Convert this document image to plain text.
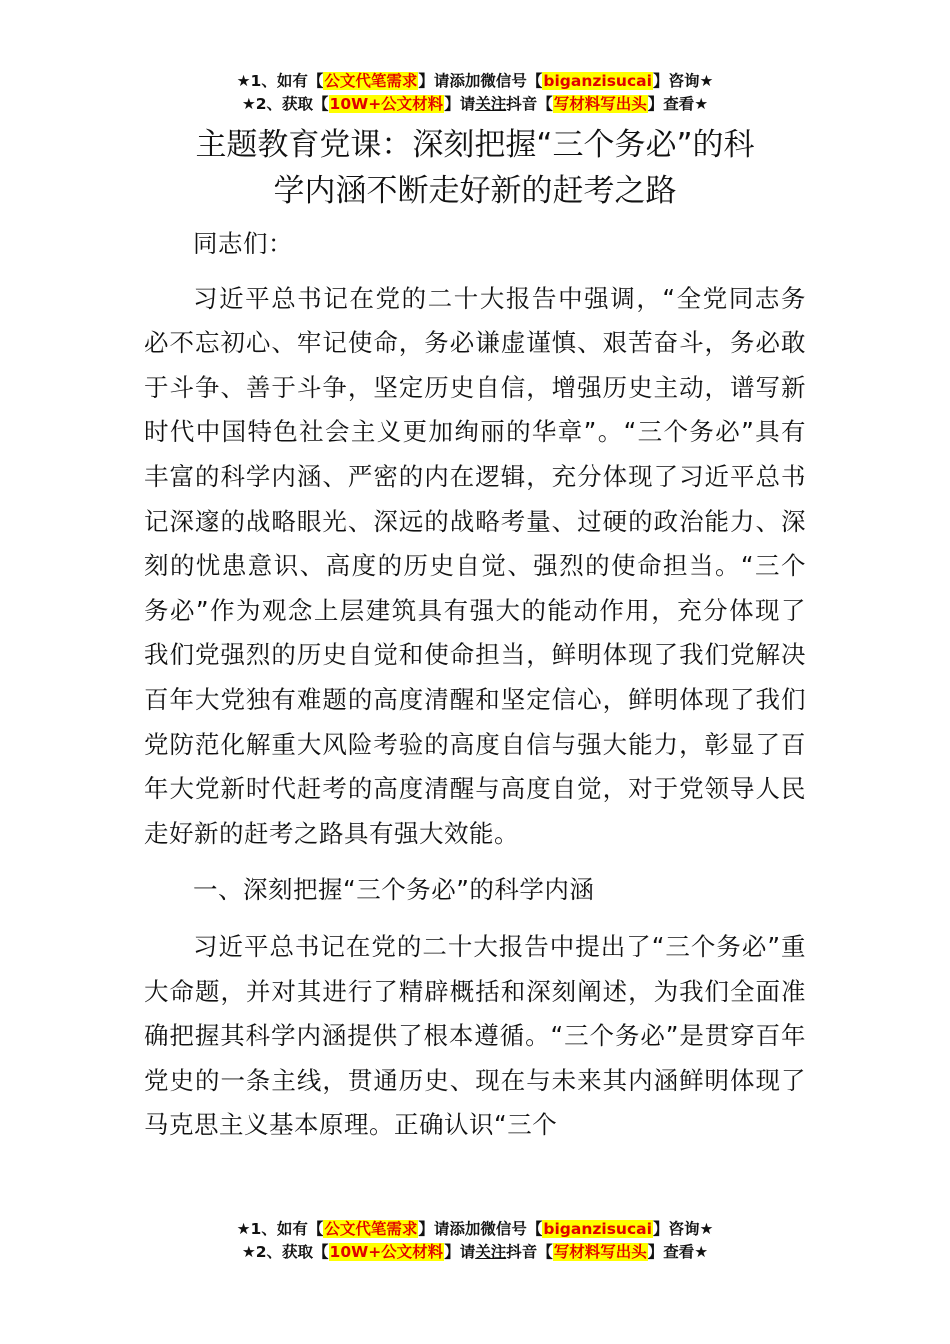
★1、如有【公文代笔需求】请添加微信号【biganzisucai】咨询★
★2、获取【10W+公文材料】请关注抖音【写材料写出头】查看★
主题教育党课：深刻把握“三个务必”的科
学内涵不断走好新的赶考之路

同志们：

习近平总书记在党的二十大报告中强调，“全党同志务必不忘初心、牢记使命，务必谦虚谨慎、艰苦奋斗，务必敢于斗争、善于斗争，坚定历史自信，增强历史主动，谱写新时代中国特色社会主义更加绚丽的华章”。“三个务必”具有丰富的科学内涵、严密的内在逻辑，充分体现了习近平总书记深邃的战略眼光、深远的战略考量、过硬的政治能力、深刻的忧患意识、高度的历史自觉、强烈的使命担当。“三个务必”作为观念上层建筑具有强大的能动作用，充分体现了我们党强烈的历史自觉和使命担当，鲜明体现了我们党解决百年大党独有难题的高度清醒和坚定信心，鲜明体现了我们党防范化解重大风险考验的高度自信与强大能力，彰显了百年大党新时代赶考的高度清醒与高度自觉，对于党领导人民走好新的赶考之路具有强大效能。

一、深刻把握“三个务必”的科学内涵

习近平总书记在党的二十大报告中提出了“三个务必”重大命题，并对其进行了精辟概括和深刻阐述，为我们全面准确把握其科学内涵提供了根本遵循。“三个务必”是贯穿百年党史的一条主线，贯通历史、现在与未来其内涵鲜明体现了马克思主义基本原理。正确认识“三个

★1、如有【公文代笔需求】请添加微信号【biganzisucai】咨询★
★2、获取【10W+公文材料】请关注抖音【写材料写出头】查看★
